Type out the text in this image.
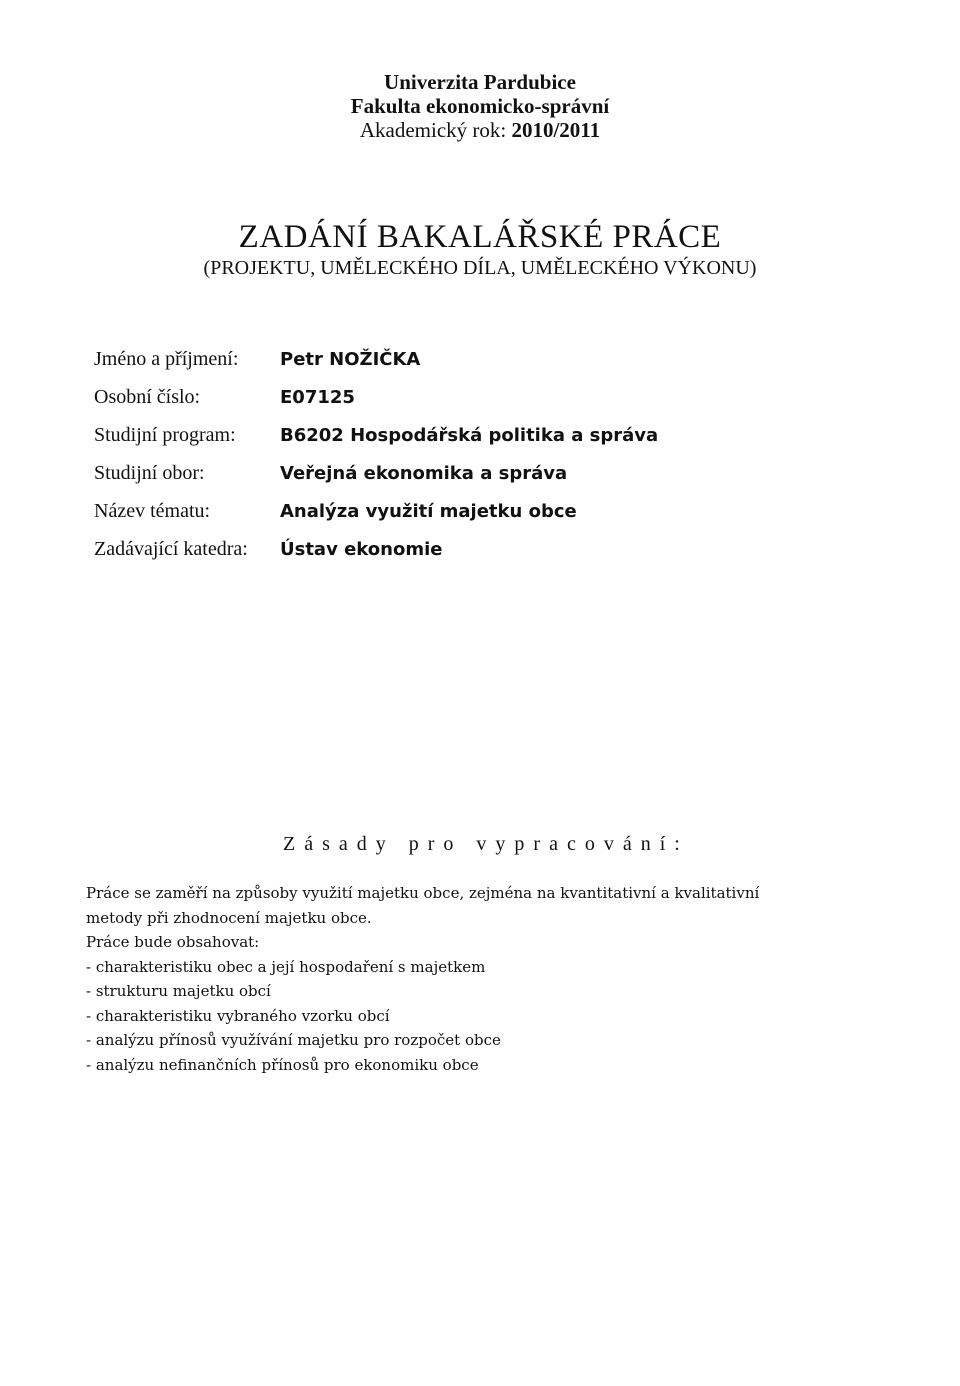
Univerzita Pardubice
Fakulta ekonomicko-správní
Akademický rok: 2010/2011
ZADÁNÍ BAKALÁŘSKÉ PRÁCE
(PROJEKTU, UMĚLECKÉHO DÍLA, UMĚLECKÉHO VÝKONU)
Jméno a příjmení:	Petr NOŽIČKA
Osobní číslo:	E07125
Studijní program:	B6202 Hospodářská politika a správa
Studijní obor:	Veřejná ekonomika a správa
Název tématu:	Analýza využití majetku obce
Zadávající katedra:	Ústav ekonomie
Zásady pro vypracování:
Práce se zaměří na způsoby využití majetku obce, zejména na kvantitativní a kvalitativní
metody při zhodnocení majetku obce.
Práce bude obsahovat:
- charakteristiku obec a její hospodaření s majetkem
- strukturu majetku obcí
- charakteristiku vybraného vzorku obcí
- analýzu přínosů využívání majetku pro rozpočet obce
- analýzu nefinančních přínosů pro ekonomiku obce
